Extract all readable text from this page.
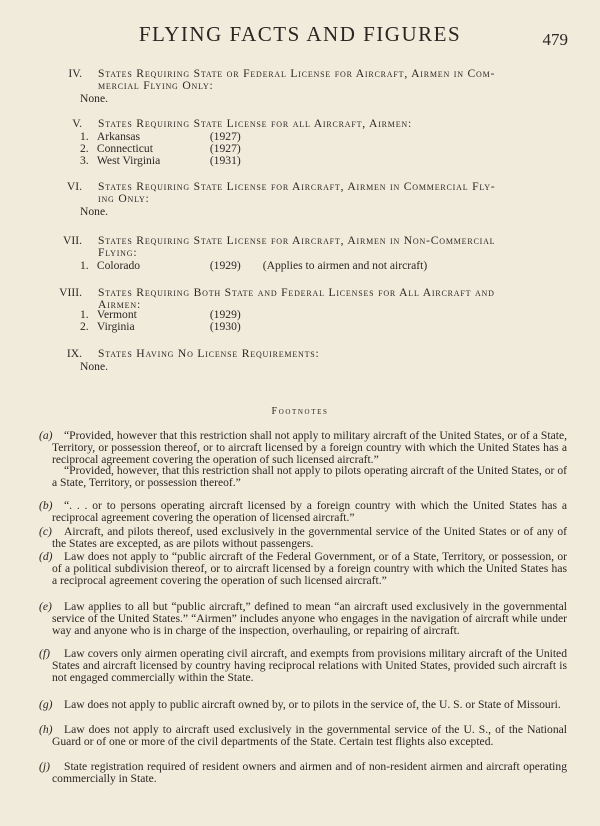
FLYING FACTS AND FIGURES	479
IV. States Requiring State or Federal License for Aircraft, Airmen in Com-
mercial Flying Only:
None.
V. States Requiring State License for all Aircraft, Airmen:
1. Arkansas	(1927)
2. Connecticut	(1927)
3. West Virginia	(1931)
VI. States Requiring State License for Aircraft, Airmen in Commercial Fly-
ing Only:
None.
VII. States Requiring State License for Aircraft, Airmen in Non-Commercial
Flying:
1. Colorado	(1929) (Applies to airmen and not aircraft)
VIII. States Requiring Both State and Federal Licenses for All Aircraft and
Airmen:
1. Vermont	(1929)
2. Virginia	(1930)
IX. States Having No License Requirements:
None.
Footnotes
(a) “Provided, however that this restriction shall not apply to military aircraft of the United States, or of a State, Territory, or possession thereof, or to aircraft licensed by a foreign country with which the United States has a reciprocal agreement covering the operation of such licensed aircraft.”
“Provided, however, that this restriction shall not apply to pilots operating aircraft of the United States, or of a State, Territory, or possession thereof.”
(b) “. . . or to persons operating aircraft licensed by a foreign country with which the United States has a reciprocal agreement covering the operation of licensed aircraft.”
(c)	Aircraft, and pilots thereof, used exclusively in the governmental service of the United States or of any of the States are excepted, as are pilots without passengers.
(d) Law does not apply to “public aircraft of the Federal Government, or of a State, Territory, or possession, or of a political subdivision thereof, or to aircraft licensed by a foreign country with which the United States has a reciprocal agreement covering the operation of such licensed aircraft.”
(e)	Law applies to all but “public aircraft,” defined to mean “an aircraft used exclusively in the governmental service of the United States.” “Airmen” includes anyone who engages in the navigation of aircraft while under way and anyone who is in charge of the inspection, overhauling, or repairing of aircraft.
(f)	Law covers only airmen operating civil aircraft, and exempts from provisions military aircraft of the United States and aircraft licensed by country having reciprocal relations with United States, provided such aircraft is not engaged commercially within the State.
(g) Law does not apply to public aircraft owned by, or to pilots in the service of, the U. S. or State of Missouri.
(h) Law does not apply to aircraft used exclusively in the governmental service of the U. S., of the National Guard or of one or more of the civil departments of the State. Certain test flights also excepted.
(j)	State registration required of resident owners and airmen and of non-resident airmen and aircraft operating commercially in State.
